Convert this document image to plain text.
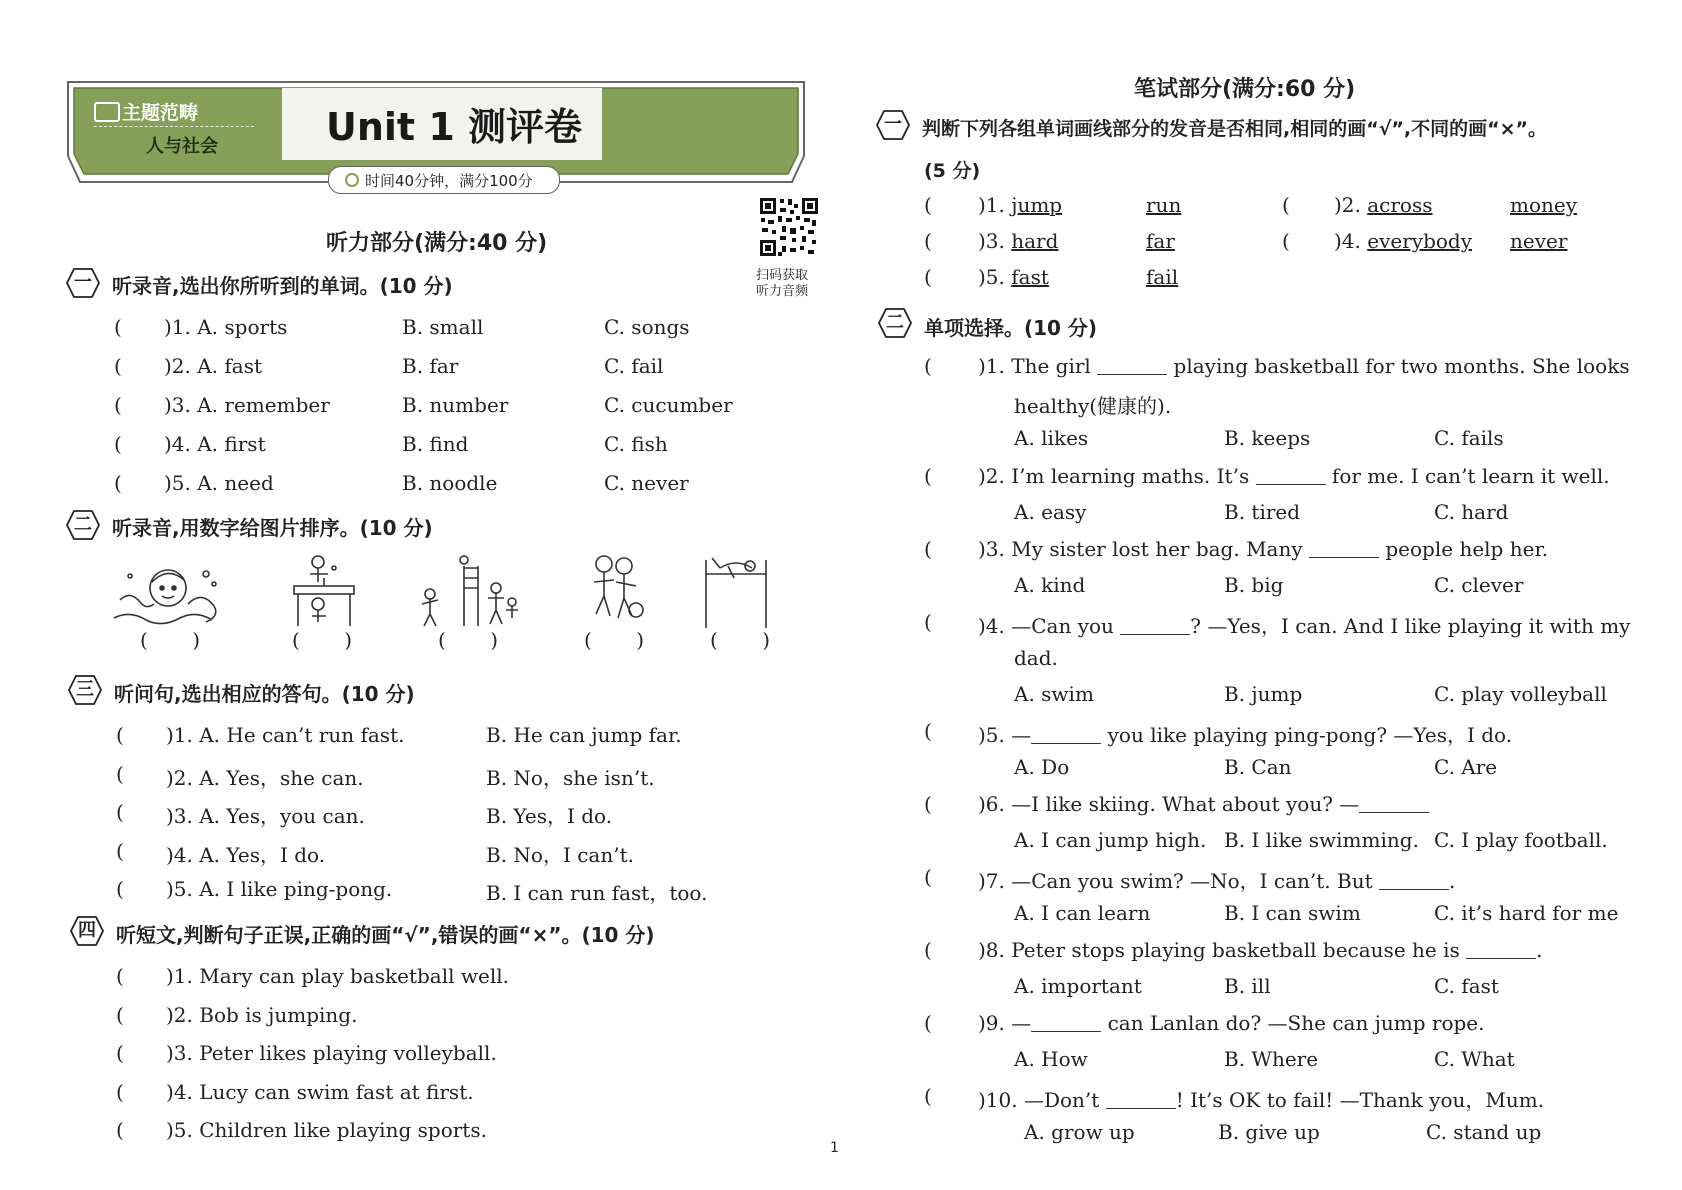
主题范畴
人与社会	Unit 1 测评卷
时间40分钟，满分100分
扫码获取
听力音频
听力部分(满分:40 分)
一	听录音,选出你所听到的单词。(10 分)
( )1. A. sports	B. small	C. songs
( )2. A. fast	B. far	C. fail
( )3. A. remember	B. number	C. cucumber
( )4. A. first	B. find	C. fish
( )5. A. need	B. noodle	C. never
二	听录音,用数字给图片排序。(10 分)
(       )	(       )	(       )	(       )	(       )
三	听问句,选出相应的答句。(10 分)
( )1. A. He can’t run fast.	B. He can jump far.
( )2. A. Yes，she can.	B. No，she isn’t.
( )3. A. Yes，you can.	B. Yes，I do.
( )4. A. Yes，I do.	B. No，I can’t.
( )5. A. I like ping-pong.	B. I can run fast，too.
四	听短文,判断句子正误,正确的画“√”,错误的画“×”。(10 分)
( )1. Mary can play basketball well.
( )2. Bob is jumping.
( )3. Peter likes playing volleyball.
( )4. Lucy can swim fast at first.
( )5. Children like playing sports.
笔试部分(满分:60 分)
一	判断下列各组单词画线部分的发音是否相同,相同的画“√”,不同的画“×”。
(5 分)
( )1. jump	run	( )2. across	money
( )3. hard	far	( )4. everybody never
( )5. fast	fail
二	单项选择。(10 分)
( )1. The girl	playing basketball for two months. She looks
healthy(健康的).
A. likes	B. keeps	C. fails
( )2. I’m learning maths. It’s	for me. I can’t learn it well.
A. easy	B. tired	C. hard
( )3. My sister lost her bag. Many	people help her.
A. kind	B. big	C. clever
( )4. —Can you	? —Yes，I can. And I like playing it with my
dad.
A. swim	B. jump	C. play volleyball
( )5. —	you like playing ping-pong? —Yes，I do.
A. Do	B. Can	C. Are
( )6. —I like skiing. What about you? —
A. I can jump high. B. I like swimming. C. I play football.
( )7. —Can you swim? —No，I can’t. But	.
A. I can learn	B. I can swim	C. it’s hard for me
( )8. Peter stops playing basketball because he is	.
A. important	B. ill	C. fast
( )9. —	can Lanlan do? —She can jump rope.
A. How	B. Where	C. What
( )10. —Don’t	! It’s OK to fail! —Thank you，Mum.
A. grow up	B. give up	C. stand up
1
